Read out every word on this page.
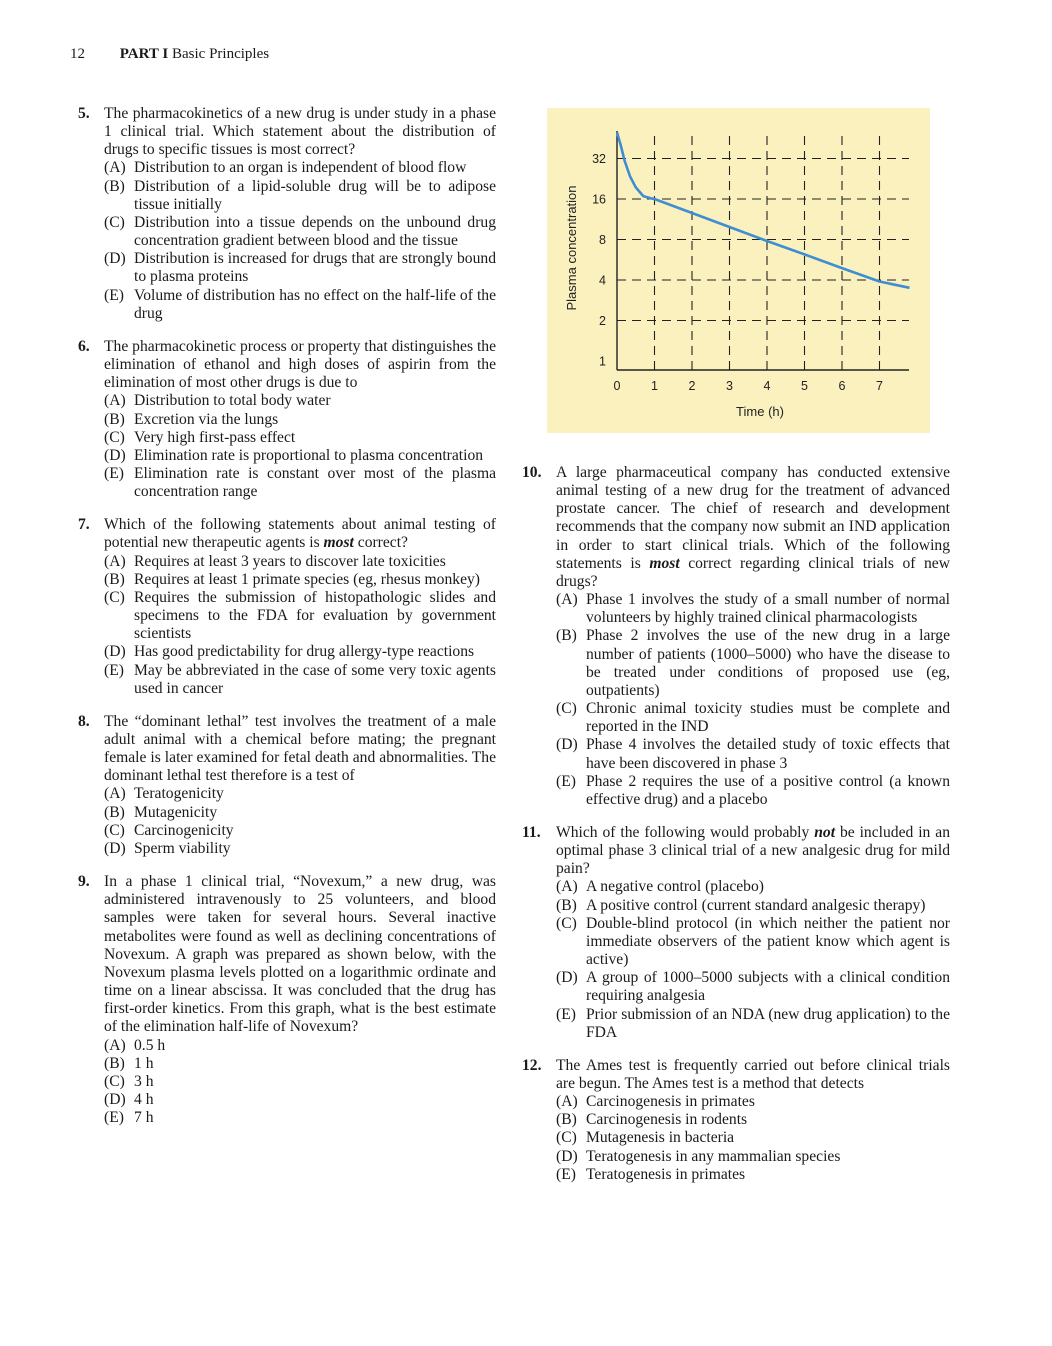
12 PART I Basic Principles
5. The pharmacokinetics of a new drug is under study in a phase 1 clinical trial. Which statement about the distribution of drugs to specific tissues is most correct?
(A) Distribution to an organ is independent of blood flow
(B) Distribution of a lipid-soluble drug will be to adipose tissue initially
(C) Distribution into a tissue depends on the unbound drug concentration gradient between blood and the tissue
(D) Distribution is increased for drugs that are strongly bound to plasma proteins
(E) Volume of distribution has no effect on the half-life of the drug
6. The pharmacokinetic process or property that distinguishes the elimination of ethanol and high doses of aspirin from the elimination of most other drugs is due to
(A) Distribution to total body water
(B) Excretion via the lungs
(C) Very high first-pass effect
(D) Elimination rate is proportional to plasma concentration
(E) Elimination rate is constant over most of the plasma concentration range
7. Which of the following statements about animal testing of potential new therapeutic agents is most correct?
(A) Requires at least 3 years to discover late toxicities
(B) Requires at least 1 primate species (eg, rhesus monkey)
(C) Requires the submission of histopathologic slides and specimens to the FDA for evaluation by government scientists
(D) Has good predictability for drug allergy-type reactions
(E) May be abbreviated in the case of some very toxic agents used in cancer
8. The “dominant lethal” test involves the treatment of a male adult animal with a chemical before mating; the pregnant female is later examined for fetal death and abnormalities. The dominant lethal test therefore is a test of
(A) Teratogenicity
(B) Mutagenicity
(C) Carcinogenicity
(D) Sperm viability
9. In a phase 1 clinical trial, “Novexum,” a new drug, was administered intravenously to 25 volunteers, and blood samples were taken for several hours. Several inactive metabolites were found as well as declining concentrations of Novexum. A graph was prepared as shown below, with the Novexum plasma levels plotted on a logarithmic ordinate and time on a linear abscissa. It was concluded that the drug has first-order kinetics. From this graph, what is the best estimate of the elimination half-life of Novexum?
(A) 0.5 h
(B) 1 h
(C) 3 h
(D) 4 h
(E) 7 h
10. A large pharmaceutical company has conducted extensive animal testing of a new drug for the treatment of advanced prostate cancer. The chief of research and development recommends that the company now submit an IND application in order to start clinical trials. Which of the following statements is most correct regarding clinical trials of new drugs?
(A) Phase 1 involves the study of a small number of normal volunteers by highly trained clinical pharmacologists
(B) Phase 2 involves the use of the new drug in a large number of patients (1000–5000) who have the disease to be treated under conditions of proposed use (eg, outpatients)
(C) Chronic animal toxicity studies must be complete and reported in the IND
(D) Phase 4 involves the detailed study of toxic effects that have been discovered in phase 3
(E) Phase 2 requires the use of a positive control (a known effective drug) and a placebo
11. Which of the following would probably not be included in an optimal phase 3 clinical trial of a new analgesic drug for mild pain?
(A) A negative control (placebo)
(B) A positive control (current standard analgesic therapy)
(C) Double-blind protocol (in which neither the patient nor immediate observers of the patient know which agent is active)
(D) A group of 1000–5000 subjects with a clinical condition requiring analgesia
(E) Prior submission of an NDA (new drug application) to the FDA
12. The Ames test is frequently carried out before clinical trials are begun. The Ames test is a method that detects
(A) Carcinogenesis in primates
(B) Carcinogenesis in rodents
(C) Mutagenesis in bacteria
(D) Teratogenesis in any mammalian species
(E) Teratogenesis in primates
0 1 2 3 4 5 6 7
1
2
4
8
16
32
Time (h)
Plasma concentration
